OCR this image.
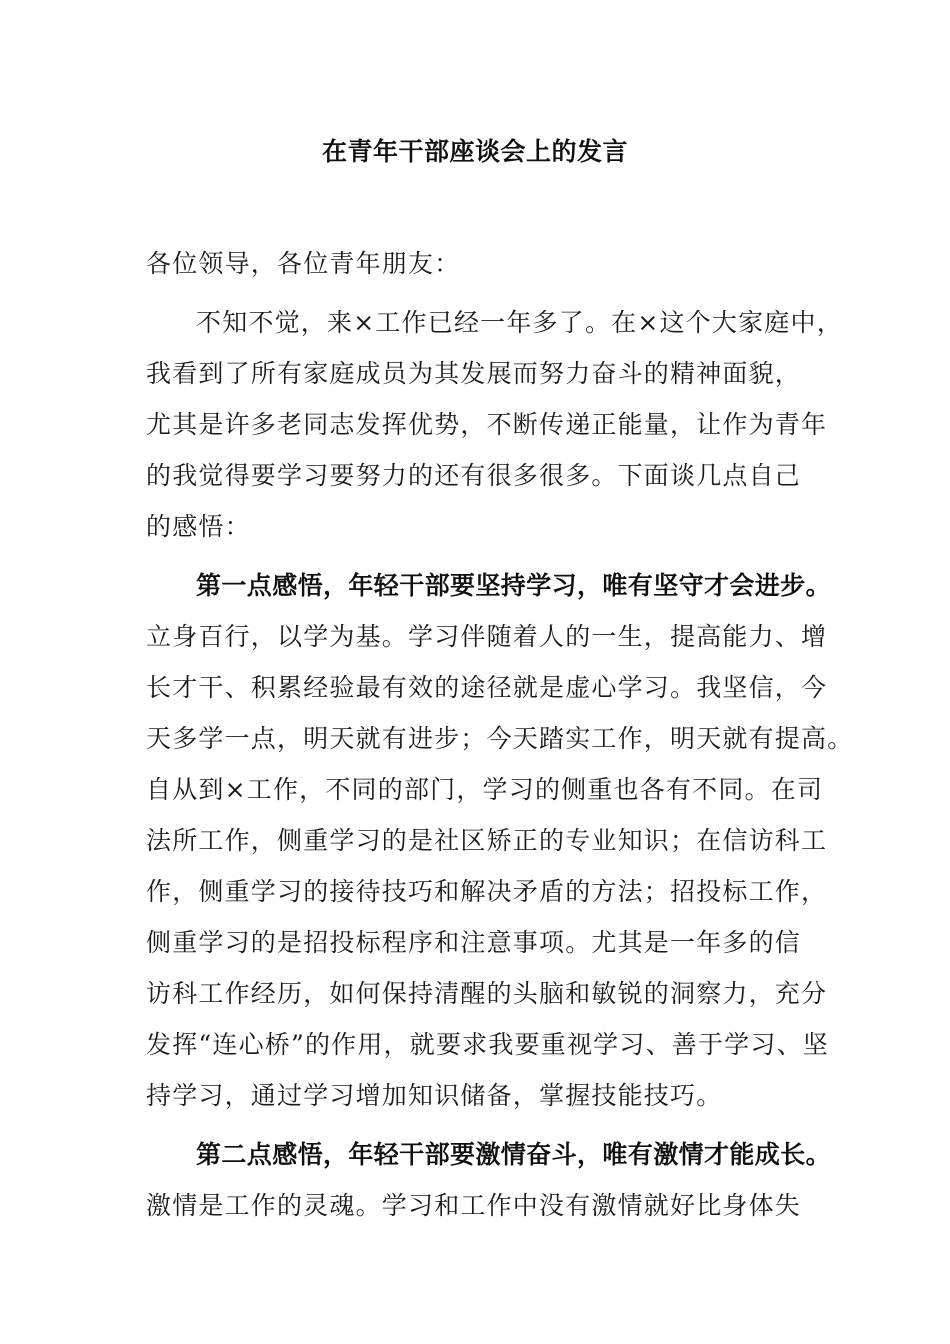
在青年干部座谈会上的发言
各位领导，各位青年朋友：
不知不觉，来×工作已经一年多了。在×这个大家庭中，
我看到了所有家庭成员为其发展而努力奋斗的精神面貌，
尤其是许多老同志发挥优势，不断传递正能量，让作为青年
的我觉得要学习要努力的还有很多很多。下面谈几点自己
的感悟：
第一点感悟，年轻干部要坚持学习，唯有坚守才会进步。
立身百行，以学为基。学习伴随着人的一生，提高能力、增
长才干、积累经验最有效的途径就是虚心学习。我坚信，今
天多学一点，明天就有进步；今天踏实工作，明天就有提高。
自从到×工作，不同的部门，学习的侧重也各有不同。在司
法所工作，侧重学习的是社区矫正的专业知识；在信访科工
作，侧重学习的接待技巧和解决矛盾的方法；招投标工作，
侧重学习的是招投标程序和注意事项。尤其是一年多的信
访科工作经历，如何保持清醒的头脑和敏锐的洞察力，充分
发挥“连心桥”的作用，就要求我要重视学习、善于学习、坚
持学习，通过学习增加知识储备，掌握技能技巧。
第二点感悟，年轻干部要激情奋斗，唯有激情才能成长。
激情是工作的灵魂。学习和工作中没有激情就好比身体失
